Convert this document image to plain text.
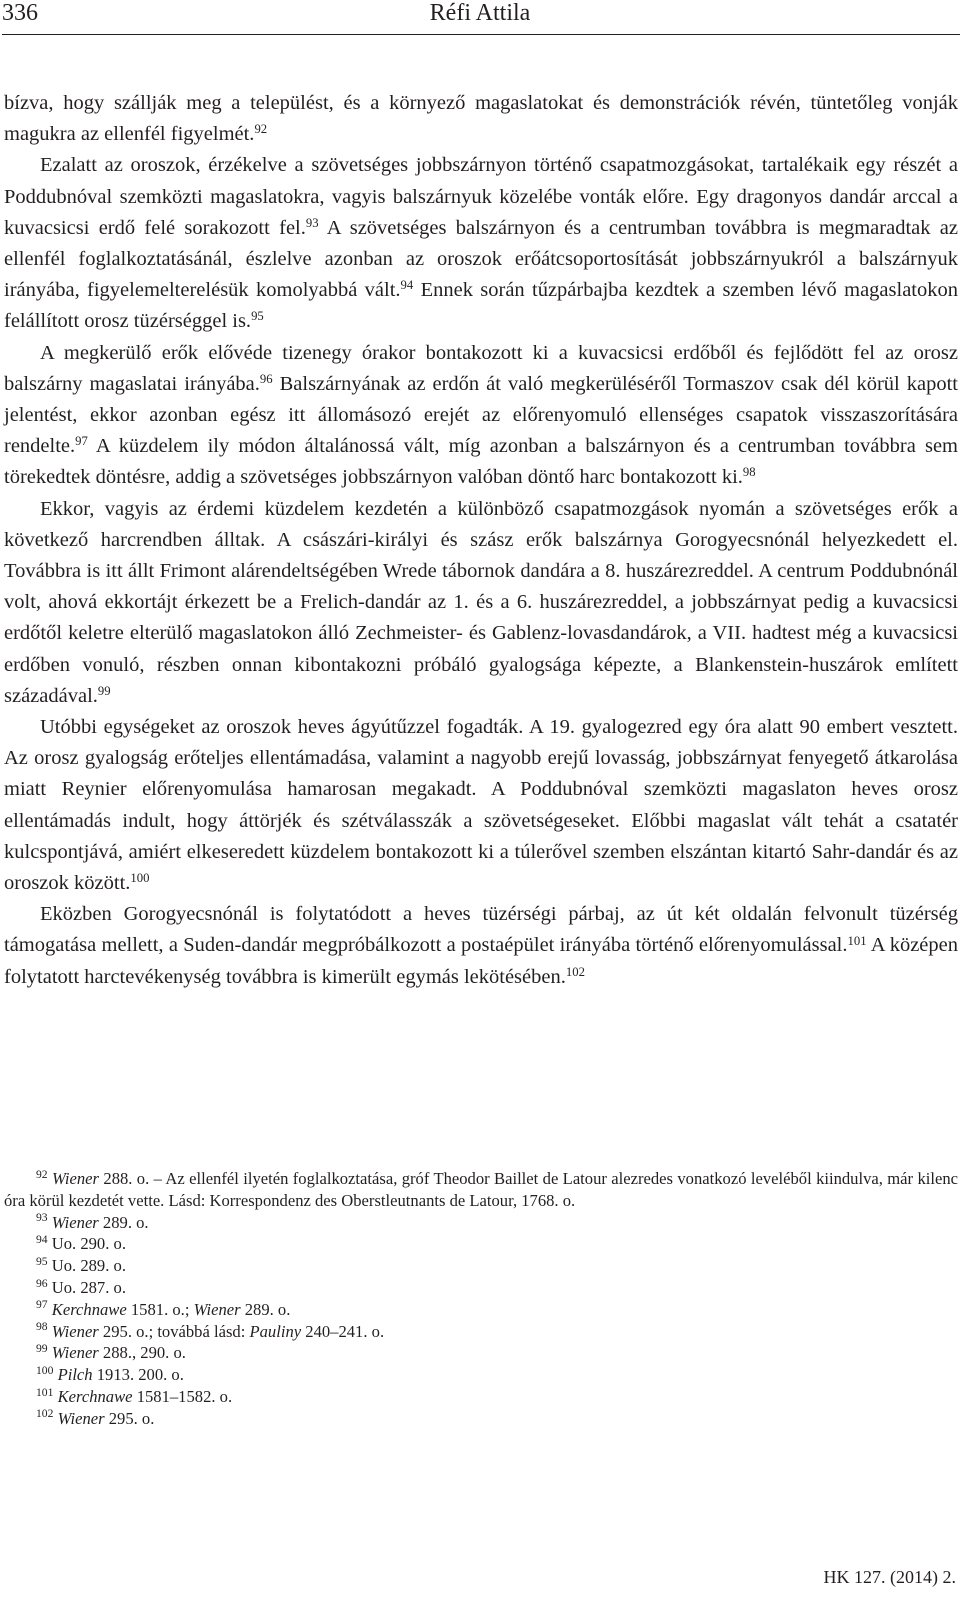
336	Réfi Attila

bízva, hogy szállják meg a települést, és a környező magaslatokat és demonstrációk révén, tüntetőleg vonják magukra az ellenfél figyelmét.$^{92}$

Ezalatt az oroszok, érzékelve a szövetséges jobbszárnyon történő csapatmozgásokat, tartalékaik egy részét a Poddubnóval szemközti magaslatokra, vagyis balszárnyuk közelébe vonták előre. Egy dragonyos dandár arccal a kuvacsicsi erdő felé sorakozott fel.$^{93}$ A szövetséges balszárnyon és a centrumban továbbra is megmaradtak az ellenfél foglalkoztatásánál, észlelve azonban az oroszok erőátcsoportosítását jobbszárnyukról a balszárnyuk irányába, figyelemelterelésük komolyabbá vált.$^{94}$ Ennek során tűzpárbajba kezdtek a szemben lévő magaslatokon felállított orosz tüzérséggel is.$^{95}$

A megkerülő erők elővéde tizenegy órakor bontakozott ki a kuvacsicsi erdőből és fejlődött fel az orosz balszárny magaslatai irányába.$^{96}$ Balszárnyának az erdőn át való megkerüléséről Tormaszov csak dél körül kapott jelentést, ekkor azonban egész itt állomásozó erejét az előrenyomuló ellenséges csapatok visszaszorítására rendelte.$^{97}$ A küzdelem ily módon általánossá vált, míg azonban a balszárnyon és a centrumban továbbra sem törekedtek döntésre, addig a szövetséges jobbszárnyon valóban döntő harc bontakozott ki.$^{98}$

Ekkor, vagyis az érdemi küzdelem kezdetén a különböző csapatmozgások nyomán a szövetséges erők a következő harcrendben álltak. A császári-királyi és szász erők balszárnya Gorogyecsnónál helyezkedett el. Továbbra is itt állt Frimont alárendeltségében Wrede tábornok dandára a 8. huszárezreddel. A centrum Poddubnónál volt, ahová ekkortájt érkezett be a Frelich-dandár az 1. és a 6. huszárezreddel, a jobbszárnyat pedig a kuvacsicsi erdőtől keletre elterülő magaslatokon álló Zechmeister- és Gablenz-lovasdandárok, a VII. hadtest még a kuvacsicsi erdőben vonuló, részben onnan kibontakozni próbáló gyalogsága képezte, a Blankenstein-huszárok említett századával.$^{99}$

Utóbbi egységeket az oroszok heves ágyútűzzel fogadták. A 19. gyalogezred egy óra alatt 90 embert vesztett. Az orosz gyalogság erőteljes ellentámadása, valamint a nagyobb erejű lovasság, jobbszárnyat fenyegető átkarolása miatt Reynier előrenyomulása hamarosan megakadt. A Poddubnóval szemközti magaslaton heves orosz ellentámadás indult, hogy áttörjék és szétválasszák a szövetségeseket. Előbbi magaslat vált tehát a csatatér kulcspontjává, amiért elkeseredett küzdelem bontakozott ki a túlerővel szemben elszántan kitartó Sahr-dandár és az oroszok között.$^{100}$

Eközben Gorogyecsnónál is folytatódott a heves tüzérségi párbaj, az út két oldalán felvonult tüzérség támogatása mellett, a Suden-dandár megpróbálkozott a postaépület irányába történő előrenyomulással.$^{101}$ A középen folytatott harctevékenység továbbra is kimerült egymás lekötésében.$^{102}$

$^{92}$ Wiener 288. o. – Az ellenfél ilyetén foglalkoztatása, gróf Theodor Baillet de Latour alezredes vonatkozó leveléből kiindulva, már kilenc óra körül kezdetét vette. Lásd: Korrespondenz des Oberstleutnants de Latour, 1768. o.

$^{93}$ Wiener 289. o.

$^{94}$ Uo. 290. o.

$^{95}$ Uo. 289. o.

$^{96}$ Uo. 287. o.

$^{97}$ Kerchnawe 1581. o.; Wiener 289. o.

$^{98}$ Wiener 295. o.; továbbá lásd: Pauliny 240–241. o.

$^{99}$ Wiener 288., 290. o.

$^{100}$ Pilch 1913. 200. o.

$^{101}$ Kerchnawe 1581–1582. o.

$^{102}$ Wiener 295. o.

HK 127. (2014) 2.
